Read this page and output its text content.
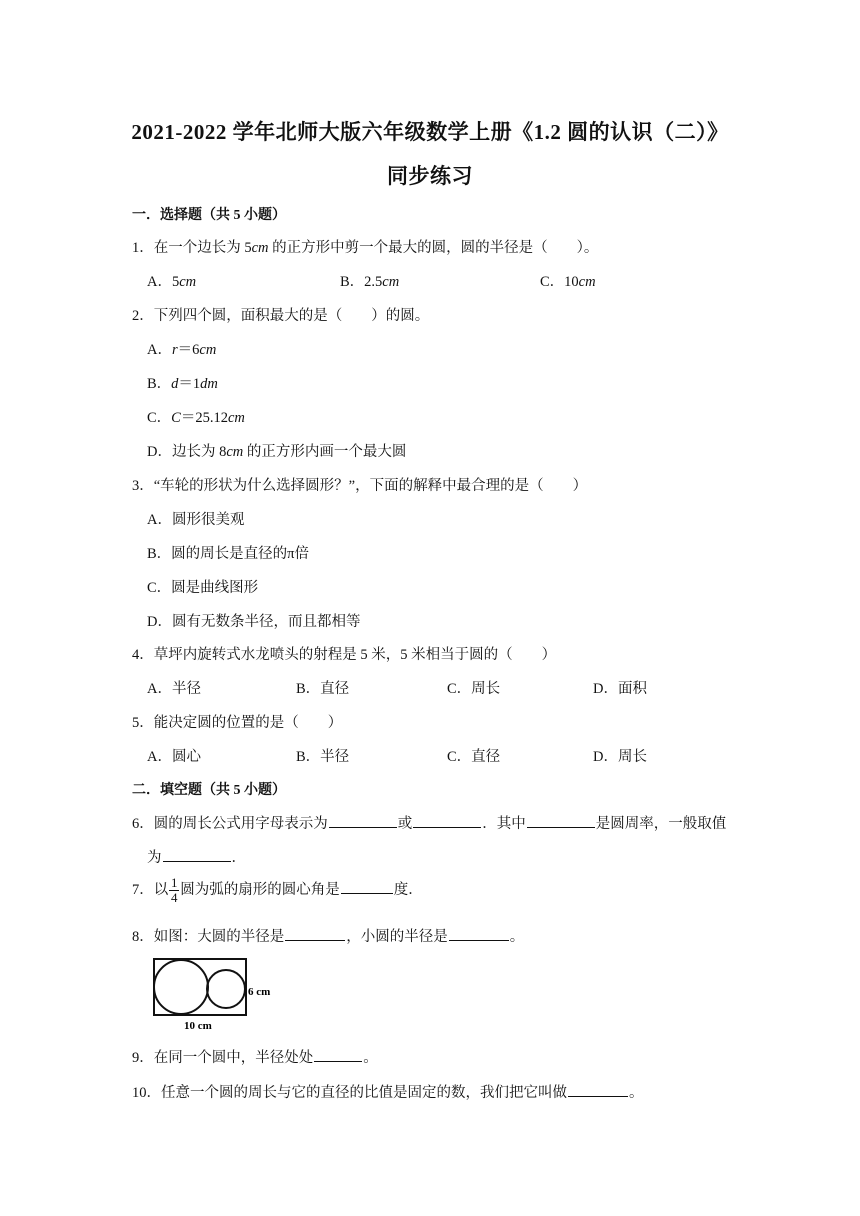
2021-2022 学年北师大版六年级数学上册《1.2 圆的认识（二）》
同步练习
一．选择题（共 5 小题）
1．在一个边长为 5cm 的正方形中剪一个最大的圆，圆的半径是（　　）。
A．5cm	B．2.5cm	C．10cm
2．下列四个圆，面积最大的是（　　）的圆。
A．r＝6cm
B．d＝1dm
C．C＝25.12cm
D．边长为 8cm 的正方形内画一个最大圆
3．“车轮的形状为什么选择圆形？”，下面的解释中最合理的是（　　）
A．圆形很美观
B．圆的周长是直径的π倍
C．圆是曲线图形
D．圆有无数条半径，而且都相等
4．草坪内旋转式水龙喷头的射程是 5 米，5 米相当于圆的（　　）
A．半径	B．直径	C．周长	D．面积
5．能决定圆的位置的是（　　）
A．圆心	B．半径	C．直径	D．周长
二．填空题（共 5 小题）
6．圆的周长公式用字母表示为	或	．其中	是圆周率，一般取值
为	．
7．以 $\frac{1}{4}$ 圆为弧的扇形的圆心角是	度．
8．如图：大圆的半径是	，小圆的半径是	。
6 cm
10 cm
9．在同一个圆中，半径处处	。
10．任意一个圆的周长与它的直径的比值是固定的数，我们把它叫做	。
